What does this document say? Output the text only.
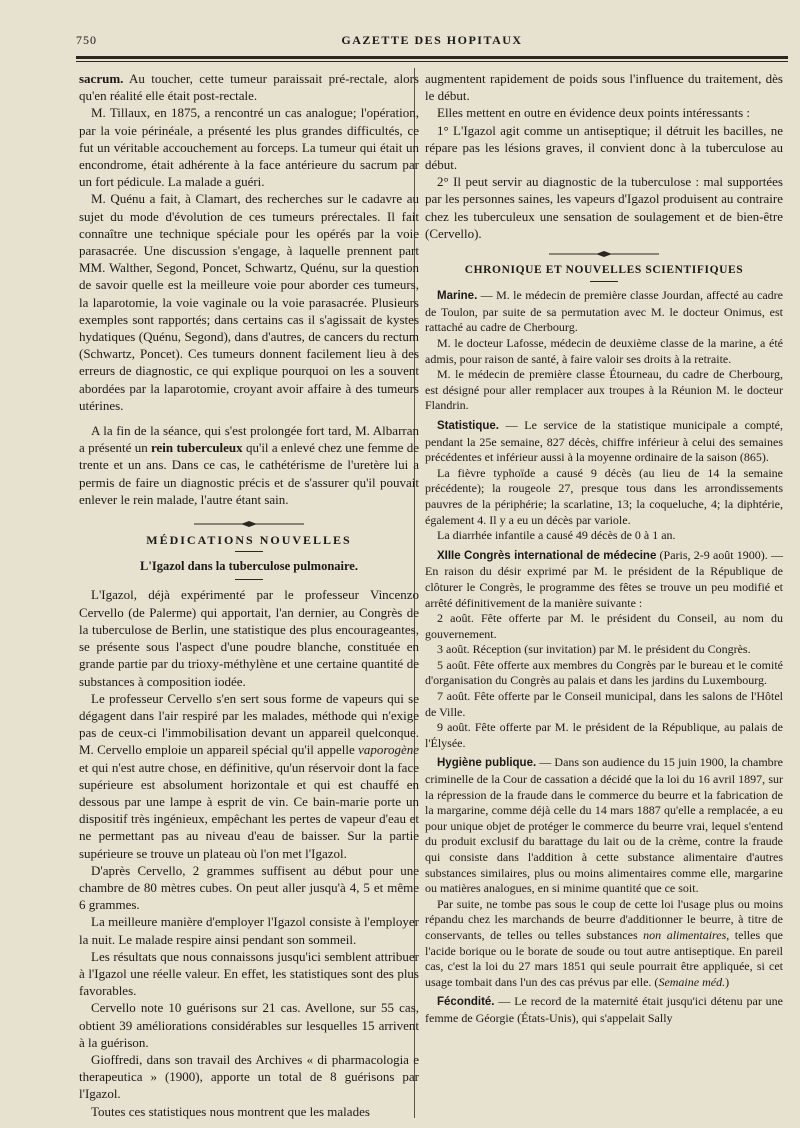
750	GAZETTE DES HOPITAUX

sacrum. Au toucher, cette tumeur paraissait pré-rectale, alors qu'en réalité elle était post-rectale.

M. Tillaux, en 1875, a rencontré un cas analogue; l'opération, par la voie périnéale, a présenté les plus grandes difficultés, ce fut un véritable accouchement au forceps. La tumeur qui était un encondrome, était adhérente à la face antérieure du sacrum par un fort pédicule. La malade a guéri.

M. Quénu a fait, à Clamart, des recherches sur le cadavre au sujet du mode d'évolution de ces tumeurs prérectales. Il fait connaître une technique spéciale pour les opérés par la voie parasacrée. Une discussion s'engage, à laquelle prennent part MM. Walther, Segond, Poncet, Schwartz, Quénu, sur la question de savoir quelle est la meilleure voie pour aborder ces tumeurs, la laparotomie, la voie vaginale ou la voie parasacrée. Plusieurs exemples sont rapportés; dans certains cas il s'agissait de kystes hydatiques (Quénu, Segond), dans d'autres, de cancers du rectum (Schwartz, Poncet). Ces tumeurs donnent facilement lieu à des erreurs de diagnostic, ce qui explique pourquoi on les a souvent abordées par la laparotomie, croyant avoir affaire à des tumeurs utérines.

A la fin de la séance, qui s'est prolongée fort tard, M. Albarran a présenté un rein tuberculeux qu'il a enlevé chez une femme de trente et un ans. Dans ce cas, le cathétérisme de l'uretère lui a permis de faire un diagnostic précis et de s'assurer qu'il pouvait enlever le rein malade, l'autre étant sain.

MÉDICATIONS NOUVELLES
L'Igazol dans la tuberculose pulmonaire.

L'Igazol, déjà expérimenté par le professeur Vincenzo Cervello (de Palerme) qui apportait, l'an dernier, au Congrès de la tuberculose de Berlin, une statistique des plus encourageantes, se présente sous l'aspect d'une poudre blanche, constituée en grande partie par du trioxy-méthylène et une certaine quantité de substances à composition iodée.

Le professeur Cervello s'en sert sous forme de vapeurs qui se dégagent dans l'air respiré par les malades, méthode qui n'exige pas de ceux-ci l'immobilisation devant un appareil quelconque. M. Cervello emploie un appareil spécial qu'il appelle vaporogène et qui n'est autre chose, en définitive, qu'un réservoir dont la face supérieure est absolument horizontale et qui est chauffé en dessous par une lampe à esprit de vin. Ce bain-marie porte un dispositif très ingénieux, empêchant les pertes de vapeur d'eau et ne permettant pas au niveau d'eau de baisser. Sur la partie supérieure se trouve un plateau où l'on met l'Igazol.

D'après Cervello, 2 grammes suffisent au début pour une chambre de 80 mètres cubes. On peut aller jusqu'à 4, 5 et même 6 grammes.

La meilleure manière d'employer l'Igazol consiste à l'employer la nuit. Le malade respire ainsi pendant son sommeil.

Les résultats que nous connaissons jusqu'ici semblent attribuer à l'Igazol une réelle valeur. En effet, les statistiques sont des plus favorables.

Cervello note 10 guérisons sur 21 cas. Avellone, sur 55 cas, obtient 39 améliorations considérables sur lesquelles 15 arrivent à la guérison.

Gioffredi, dans son travail des Archives « di pharmacologia e therapeutica » (1900), apporte un total de 8 guérisons par l'Igazol.

Toutes ces statistiques nous montrent que les malades

augmentent rapidement de poids sous l'influence du traitement, dès le début.

Elles mettent en outre en évidence deux points intéressants :

1° L'Igazol agit comme un antiseptique; il détruit les bacilles, ne répare pas les lésions graves, il convient donc à la tuberculose au début.

2° Il peut servir au diagnostic de la tuberculose : mal supportées par les personnes saines, les vapeurs d'Igazol produisent au contraire chez les tuberculeux une sensation de soulagement et de bien-être (Cervello).

CHRONIQUE ET NOUVELLES SCIENTIFIQUES

Marine. — M. le médecin de première classe Jourdan, affecté au cadre de Toulon, par suite de sa permutation avec M. le docteur Onimus, est rattaché au cadre de Cherbourg.

M. le docteur Lafosse, médecin de deuxième classe de la marine, a été admis, pour raison de santé, à faire valoir ses droits à la retraite.

M. le médecin de première classe Étourneau, du cadre de Cherbourg, est désigné pour aller remplacer aux troupes à la Réunion M. le docteur Flandrin.

Statistique. — Le service de la statistique municipale a compté, pendant la 25e semaine, 827 décès, chiffre inférieur à celui des semaines précédentes et inférieur aussi à la moyenne ordinaire de la saison (865).

La fièvre typhoïde a causé 9 décès (au lieu de 14 la semaine précédente); la rougeole 27, presque tous dans les arrondissements pauvres de la périphérie; la scarlatine, 13; la coqueluche, 4; la diphtérie, également 4. Il y a eu un décès par variole.

La diarrhée infantile a causé 49 décès de 0 à 1 an.

XIIIe Congrès international de médecine (Paris, 2-9 août 1900). — En raison du désir exprimé par M. le président de la République de clôturer le Congrès, le programme des fêtes se trouve un peu modifié et arrêté définitivement de la manière suivante :

2 août. Fête offerte par M. le président du Conseil, au nom du gouvernement.

3 août. Réception (sur invitation) par M. le président du Congrès.

5 août. Fête offerte aux membres du Congrès par le bureau et le comité d'organisation du Congrès au palais et dans les jardins du Luxembourg.

7 août. Fête offerte par le Conseil municipal, dans les salons de l'Hôtel de Ville.

9 août. Fête offerte par M. le président de la République, au palais de l'Élysée.

Hygiène publique. — Dans son audience du 15 juin 1900, la chambre criminelle de la Cour de cassation a décidé que la loi du 16 avril 1897, sur la répression de la fraude dans le commerce du beurre et la fabrication de la margarine, comme déjà celle du 14 mars 1887 qu'elle a remplacée, a eu pour unique objet de protéger le commerce du beurre vrai, lequel s'entend du produit exclusif du barattage du lait ou de la crème, contre la fraude qui consiste dans l'addition à cette substance alimentaire d'autres substances similaires, plus ou moins alimentaires comme elle, margarine ou matières analogues, en si minime quantité que ce soit.

Par suite, ne tombe pas sous le coup de cette loi l'usage plus ou moins répandu chez les marchands de beurre d'additionner le beurre, à titre de conservants, de telles ou telles substances non alimentaires, telles que l'acide borique ou le borate de soude ou tout autre antiseptique. En pareil cas, c'est la loi du 27 mars 1851 qui seule pourrait être appliquée, si cet usage tombait dans l'un des cas prévus par elle. (Semaine méd.)

Fécondité. — Le record de la maternité était jusqu'ici détenu par une femme de Géorgie (États-Unis), qui s'appelait Sally
